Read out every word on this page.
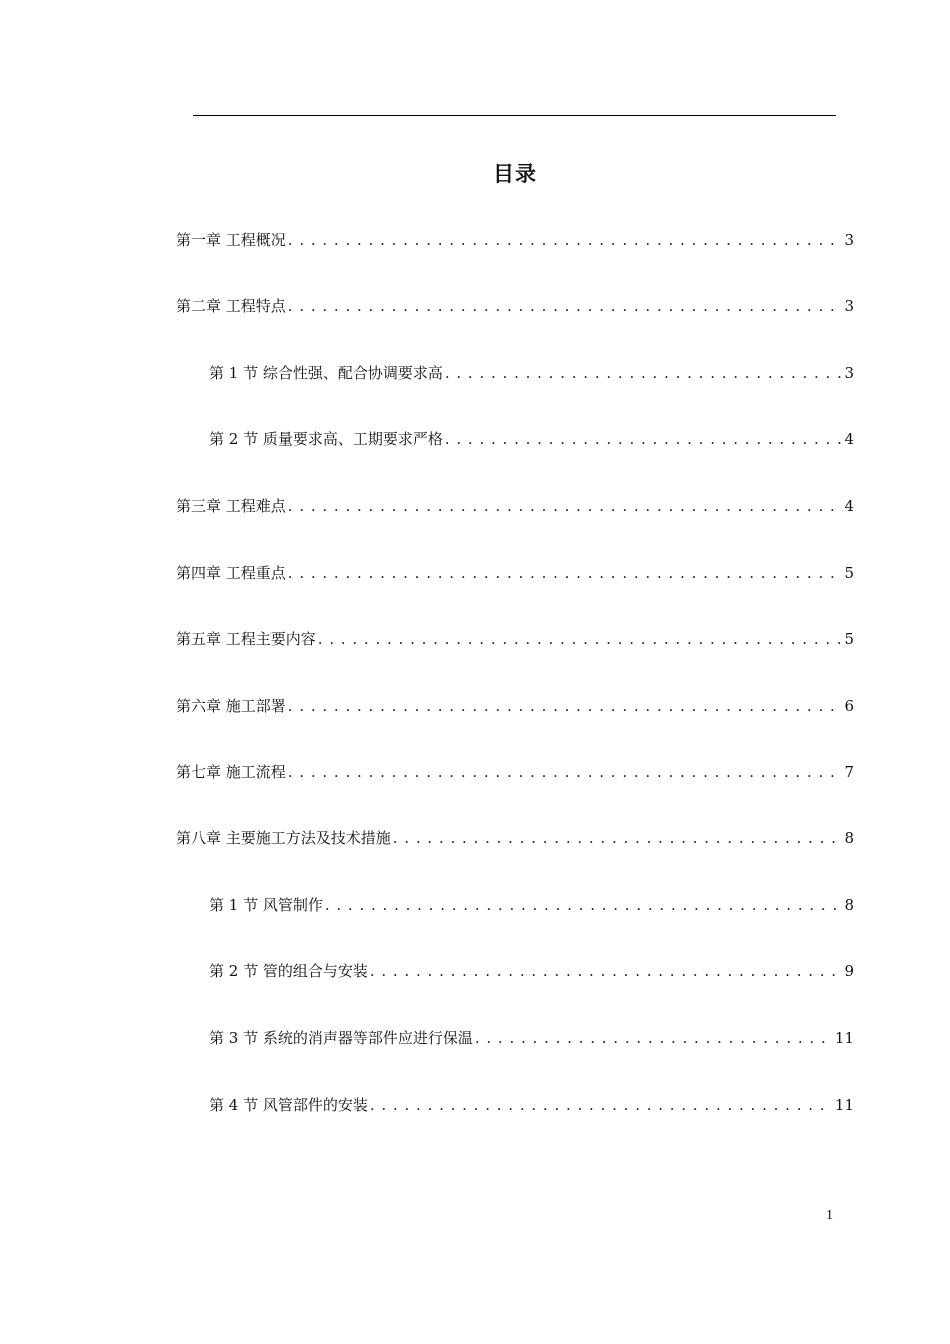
目录
第一章 工程概况 . . .	3
第二章 工程特点 . . .	3
第 1 节 综合性强、配合协调要求高 . . .	3
第 2 节 质量要求高、工期要求严格 . . .	4
第三章 工程难点 . . .	4
第四章 工程重点 . . .	5
第五章 工程主要内容 . . .	5
第六章 施工部署 . . .	6
第七章 施工流程 . . .	7
第八章 主要施工方法及技术措施 . . .	8
第 1 节 风管制作 . . .	8
第 2 节 管的组合与安装 . . .	9
第 3 节 系统的消声器等部件应进行保温 . . .	11
第 4 节 风管部件的安装 . . .	11
1
